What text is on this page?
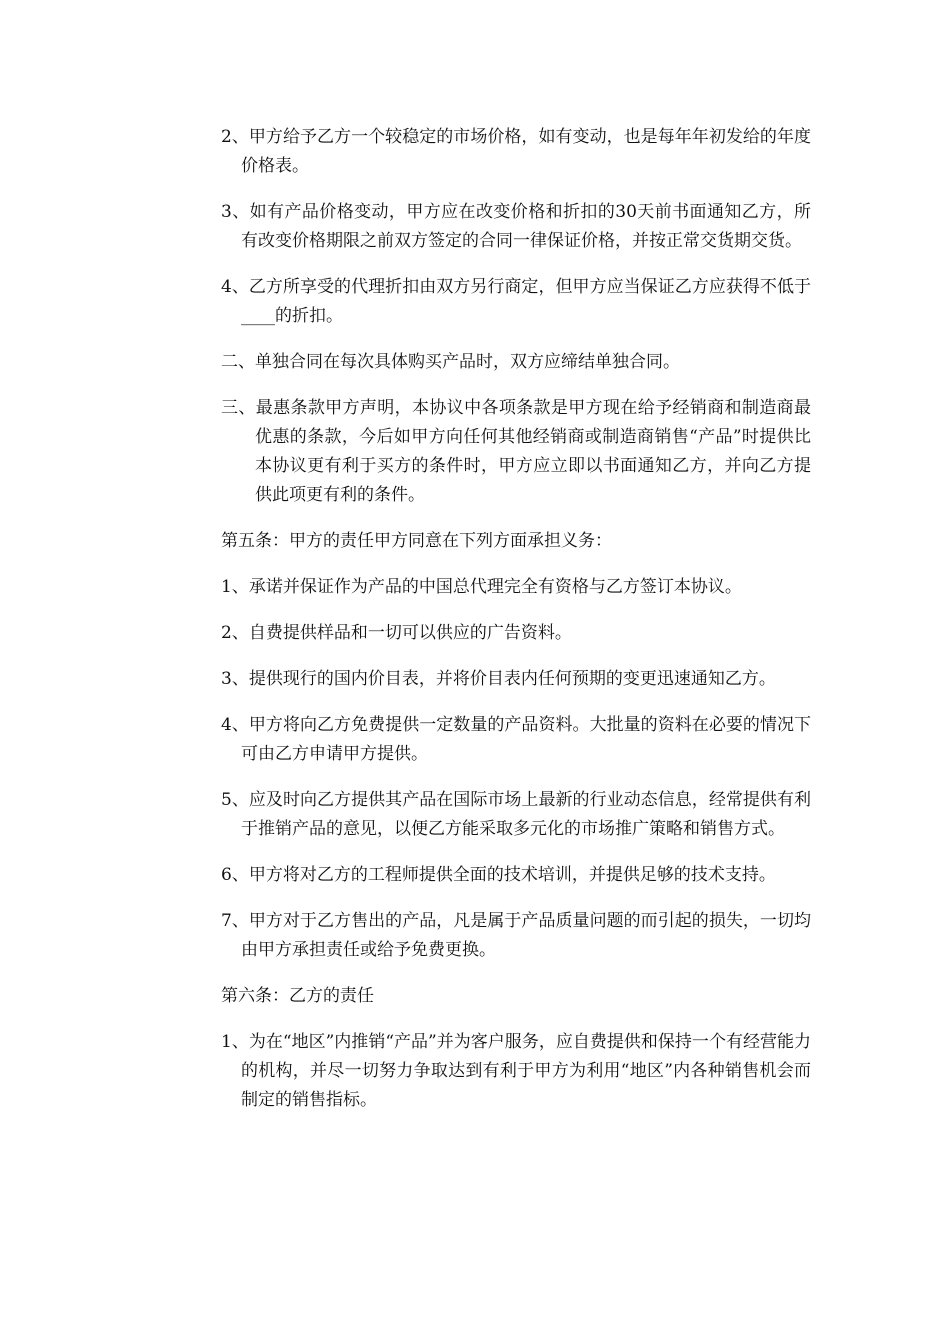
2、甲方给予乙方一个较稳定的市场价格，如有变动，也是每年年初发给的年度价格表。

3、如有产品价格变动，甲方应在改变价格和折扣的30天前书面通知乙方，所有改变价格期限之前双方签定的合同一律保证价格，并按正常交货期交货。

4、乙方所享受的代理折扣由双方另行商定，但甲方应当保证乙方应获得不低于____的折扣。

二、单独合同在每次具体购买产品时，双方应缔结单独合同。

三、最惠条款甲方声明，本协议中各项条款是甲方现在给予经销商和制造商最优惠的条款，今后如甲方向任何其他经销商或制造商销售“产品”时提供比本协议更有利于买方的条件时，甲方应立即以书面通知乙方，并向乙方提供此项更有利的条件。

第五条：甲方的责任甲方同意在下列方面承担义务：

1、承诺并保证作为产品的中国总代理完全有资格与乙方签订本协议。

2、自费提供样品和一切可以供应的广告资料。

3、提供现行的国内价目表，并将价目表内任何预期的变更迅速通知乙方。

4、甲方将向乙方免费提供一定数量的产品资料。大批量的资料在必要的情况下可由乙方申请甲方提供。

5、应及时向乙方提供其产品在国际市场上最新的行业动态信息，经常提供有利于推销产品的意见，以便乙方能采取多元化的市场推广策略和销售方式。

6、甲方将对乙方的工程师提供全面的技术培训，并提供足够的技术支持。

7、甲方对于乙方售出的产品，凡是属于产品质量问题的而引起的损失，一切均由甲方承担责任或给予免费更换。

第六条：乙方的责任

1、为在“地区”内推销“产品”并为客户服务，应自费提供和保持一个有经营能力的机构，并尽一切努力争取达到有利于甲方为利用“地区”内各种销售机会而制定的销售指标。
